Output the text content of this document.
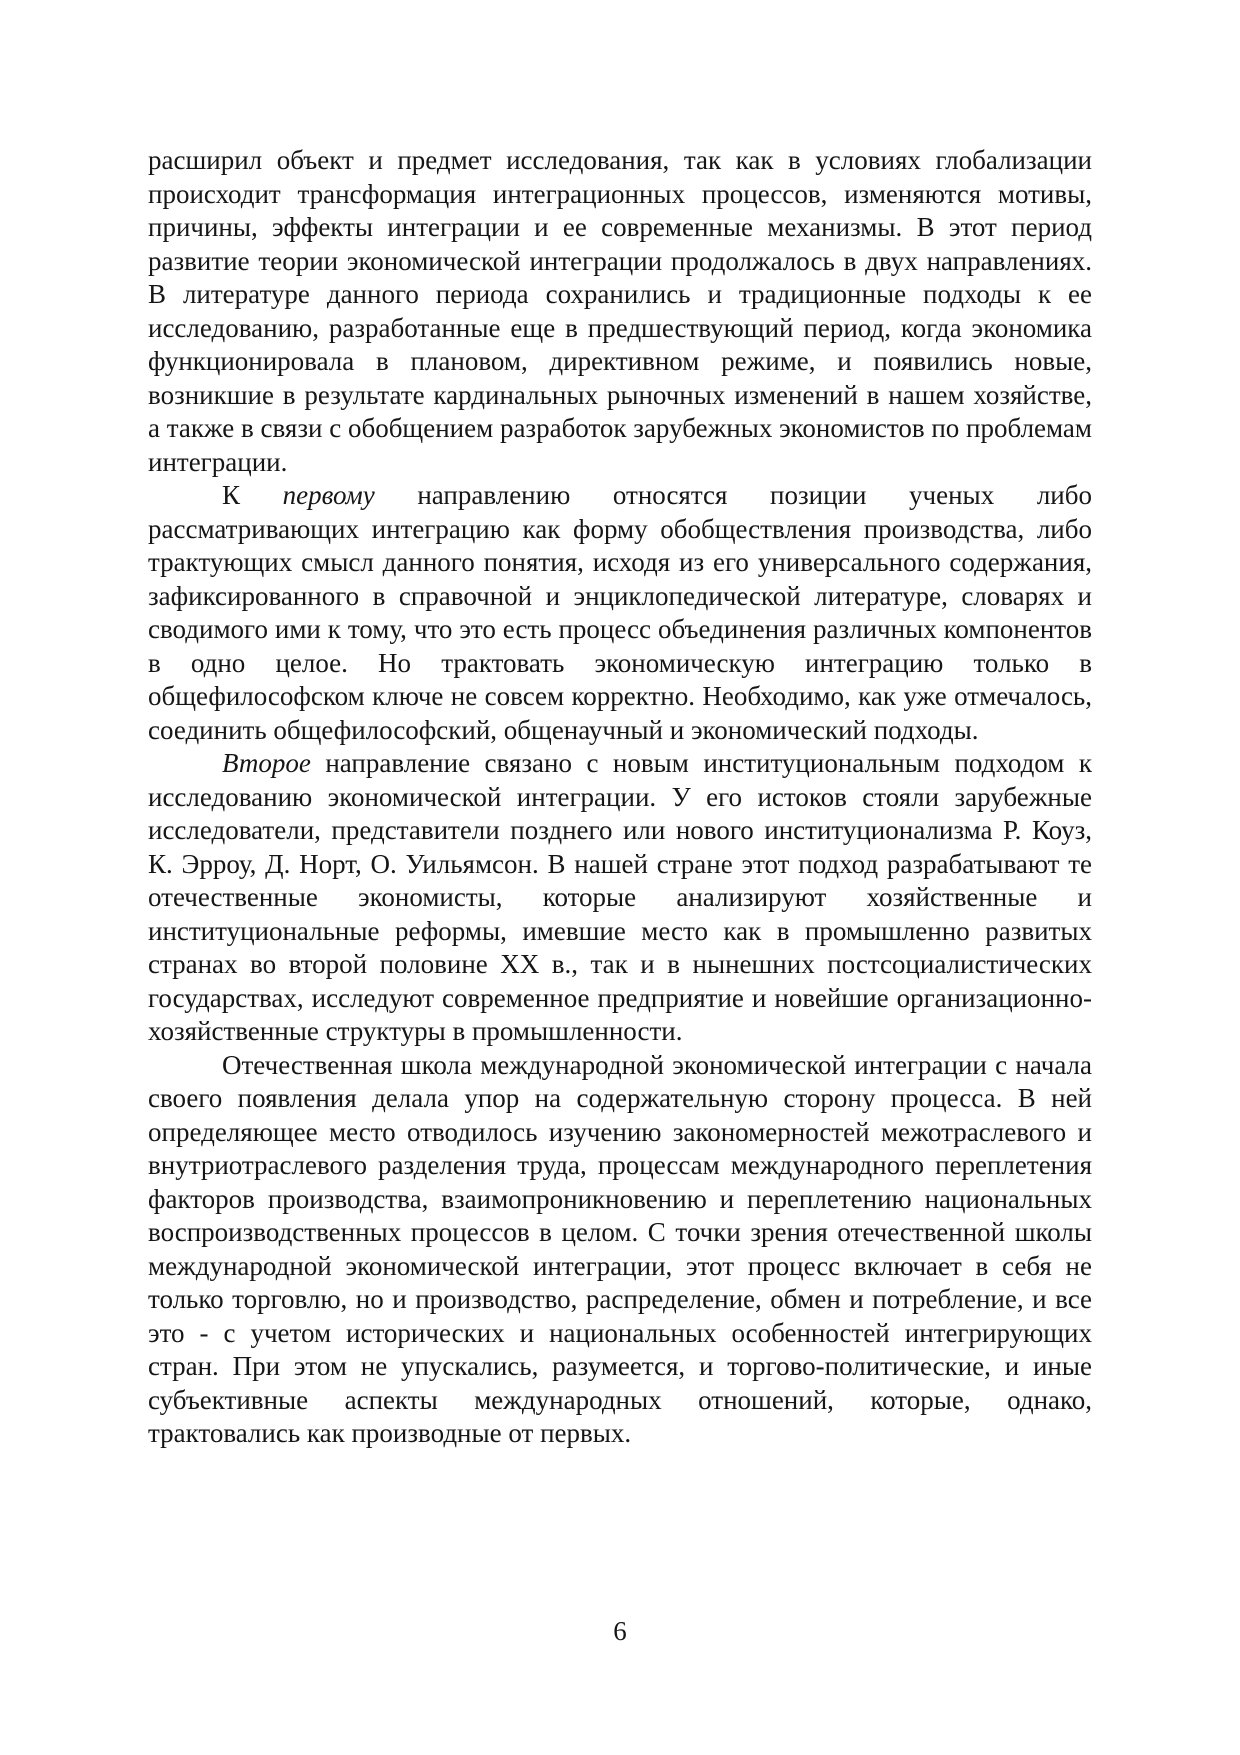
расширил объект и предмет исследования, так как в условиях глобализации происходит трансформация интеграционных процессов, изменяются мотивы, причины, эффекты интеграции и ее современные механизмы. В этот период развитие теории экономической интеграции продолжалось в двух направлениях. В литературе данного периода сохранились и традиционные подходы к ее исследованию, разработанные еще в предшествующий период, когда экономика функционировала в плановом, директивном режиме, и появились новые, возникшие в результате кардинальных рыночных изменений в нашем хозяйстве, а также в связи с обобщением разработок зарубежных экономистов по проблемам интеграции.

К первому направлению относятся позиции ученых либо рассматривающих интеграцию как форму обобществления производства, либо трактующих смысл данного понятия, исходя из его универсального содержания, зафиксированного в справочной и энциклопедической литературе, словарях и сводимого ими к тому, что это есть процесс объединения различных компонентов в одно целое. Но трактовать экономическую интеграцию только в общефилософском ключе не совсем корректно. Необходимо, как уже отмечалось, соединить общефилософский, общенаучный и экономический подходы.

Второе направление связано с новым институциональным подходом к исследованию экономической интеграции. У его истоков стояли зарубежные исследователи, представители позднего или нового институционализма Р. Коуз, К. Эрроу, Д. Норт, О. Уильямсон. В нашей стране этот подход разрабатывают те отечественные экономисты, которые анализируют хозяйственные и институциональные реформы, имевшие место как в промышленно развитых странах во второй половине ХХ в., так и в нынешних постсоциалистических государствах, исследуют современное предприятие и новейшие организационно-хозяйственные структуры в промышленности.

Отечественная школа международной экономической интеграции с начала своего появления делала упор на содержательную сторону процесса. В ней определяющее место отводилось изучению закономерностей межотраслевого и внутриотраслевого разделения труда, процессам международного переплетения факторов производства, взаимопроникновению и переплетению национальных воспроизводственных процессов в целом. С точки зрения отечественной школы международной экономической интеграции, этот процесс включает в себя не только торговлю, но и производство, распределение, обмен и потребление, и все это - с учетом исторических и национальных особенностей интегрирующих стран. При этом не упускались, разумеется, и торгово-политические, и иные субъективные аспекты международных отношений, которые, однако, трактовались как производные от первых.

6
